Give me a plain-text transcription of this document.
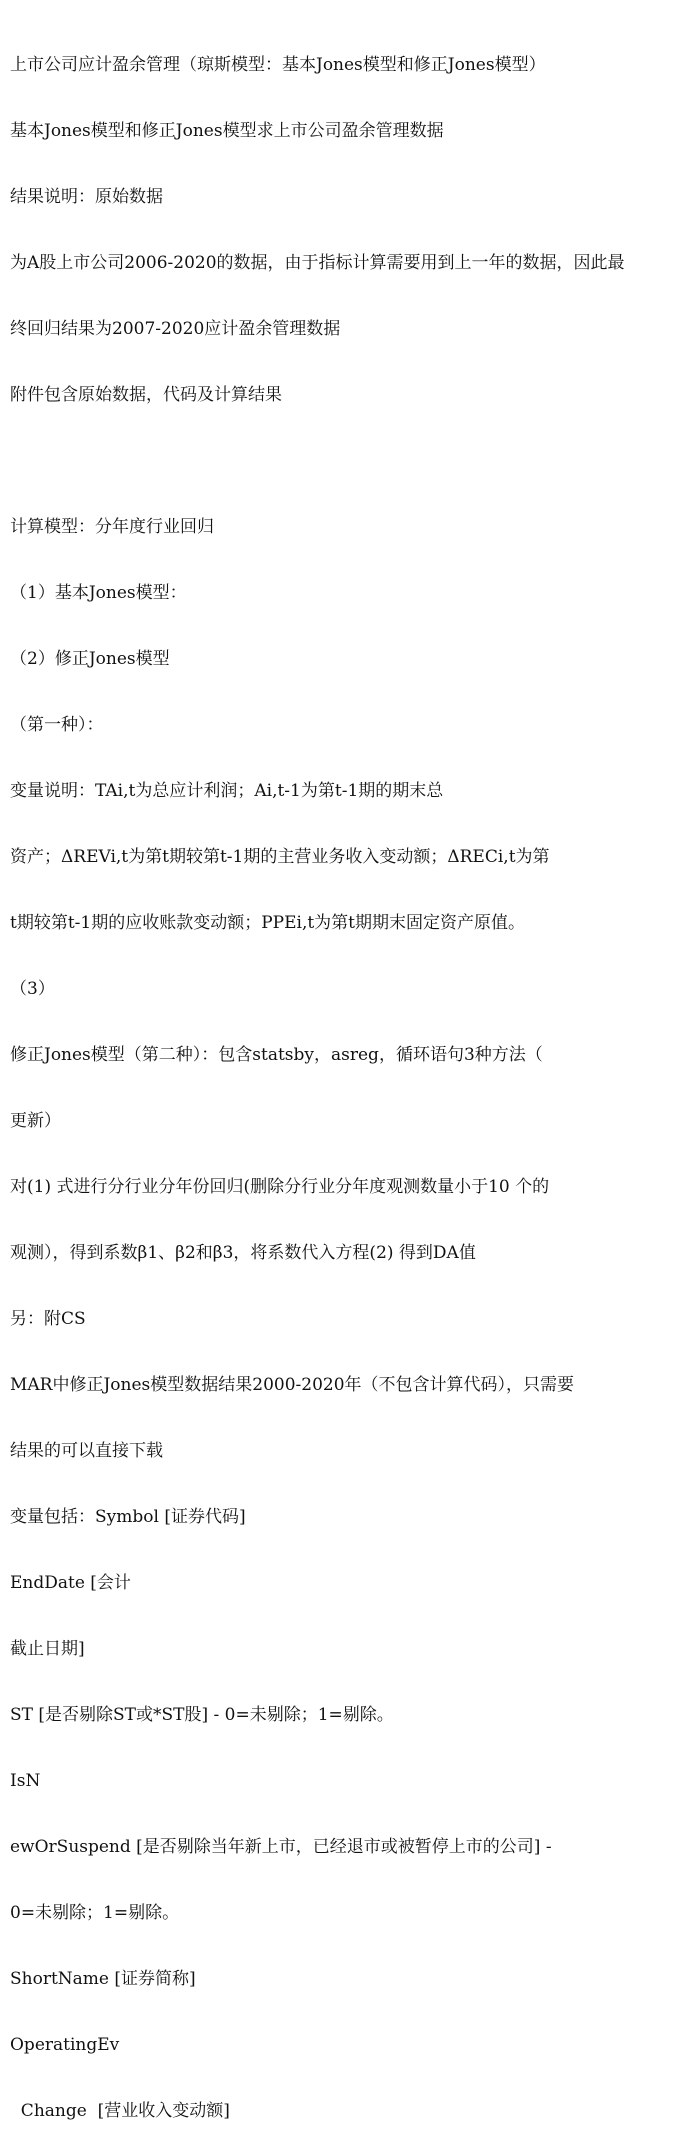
上市公司应计盈余管理（琼斯模型：基本Jones模型和修正Jones模型）

基本Jones模型和修正Jones模型求上市公司盈余管理数据

结果说明：原始数据

为A股上市公司2006-2020的数据，由于指标计算需要用到上一年的数据，因此最

终回归结果为2007-2020应计盈余管理数据

附件包含原始数据，代码及计算结果

计算模型：分年度行业回归

（1）基本Jones模型：

（2）修正Jones模型

（第一种）：

变量说明：TAi,t为总应计利润；Ai,t-1为第t-1期的期末总

资产；ΔREVi,t为第t期较第t-1期的主营业务收入变动额；ΔRECi,t为第

t期较第t-1期的应收账款变动额；PPEi,t为第t期期末固定资产原值。

（3）

修正Jones模型（第二种）：包含statsby，asreg，循环语句3种方法（

更新）

对(1) 式进行分行业分年份回归(删除分行业分年度观测数量小于10 个的

观测），得到系数β1、β2和β3，将系数代入方程(2) 得到DA值

另：附CS

MAR中修正Jones模型数据结果2000-2020年（不包含计算代码），只需要

结果的可以直接下载

变量包括：Symbol [证券代码]

EndDate [会计

截止日期]

ST [是否剔除ST或*ST股] - 0=未剔除；1=剔除。

IsN

ewOrSuspend [是否剔除当年新上市，已经退市或被暂停上市的公司] -

0=未剔除；1=剔除。

ShortName [证券简称]

OperatingEv

Change  [营业收入变动额]
